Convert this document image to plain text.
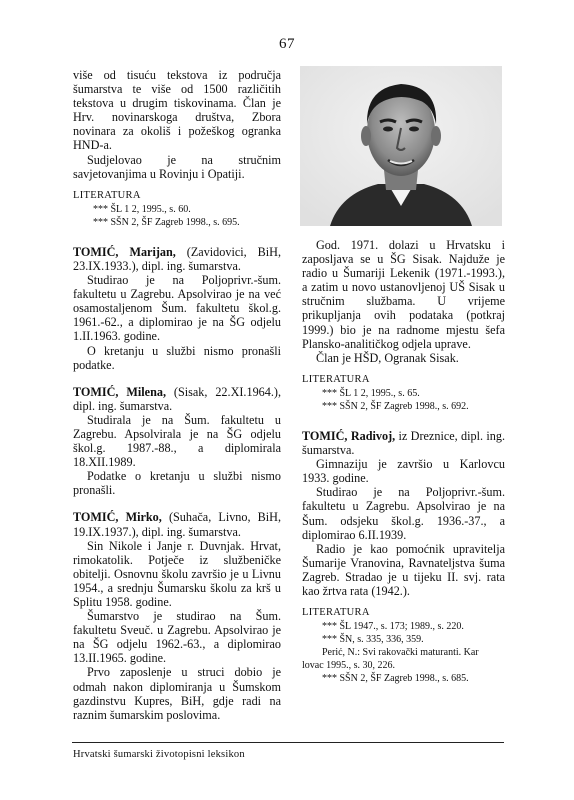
67

više od tisuću tekstova iz područja šumarstva te više od 1500 različitih tekstova u drugim tiskovinama. Član je Hrv. novinarskoga društva, Zbora novinara za okoliš i požeškog ogranka HND-a.

Sudjelovao je na stručnim savjetovanjima u Rovinju i Opatiji.

LITERATURA
*** ŠL 1 2, 1995., s. 60.
*** SŠN 2, ŠF Zagreb 1998., s. 695.

TOMIĆ, Marijan, (Zavidovici, BiH, 23.IX.1933.), dipl. ing. šumarstva.

Studirao je na Poljoprivr.-šum. fakultetu u Zagrebu. Apsolvirao je na već osamostaljenom Šum. fakultetu škol.g. 1961.-62., a diplomirao je na ŠG odjelu 1.II.1963. godine.

O kretanju u službi nismo pronašli podatke.

TOMIĆ, Milena, (Sisak, 22.XI.1964.), dipl. ing. šumarstva.

Studirala je na Šum. fakultetu u Zagrebu. Apsolvirala je na ŠG odjelu škol.g. 1987.-88., a diplomirala 18.XII.1989.

Podatke o kretanju u službi nismo pronašli.

TOMIĆ, Mirko, (Suhača, Livno, BiH, 19.IX.1937.), dipl. ing. šumarstva.

Sin Nikole i Janje r. Duvnjak. Hrvat, rimokatolik. Potječe iz službeničke obitelji. Osnovnu školu završio je u Livnu 1954., a srednju Šumarsku školu za krš u Splitu 1958. godine.

Šumarstvo je studirao na Šum. fakultetu Sveuč. u Zagrebu. Apsolvirao je na ŠG odjelu 1962.-63., a diplomirao 13.II.1965. godine.

Prvo zaposlenje u struci dobio je odmah nakon diplomiranja u Šumskom gazdinstvu Kupres, BiH, gdje radi na raznim šumarskim poslovima.

God. 1971. dolazi u Hrvatsku i zaposljava se u ŠG Sisak. Najduže je radio u Šumariji Lekenik (1971.-1993.), a zatim u novo ustanovljenoj UŠ Sisak u stručnim službama. U vrijeme prikupljanja ovih podataka (potkraj 1999.) bio je na radnome mjestu šefa Plansko-analitičkog odjela uprave.

Član je HŠD, Ogranak Sisak.

LITERATURA
*** ŠL 1 2, 1995., s. 65.
*** SŠN 2, ŠF Zagreb 1998., s. 692.

TOMIĆ, Radivoj, iz Dreznice, dipl. ing. šumarstva.

Gimnaziju je završio u Karlovcu 1933. godine.

Studirao je na Poljoprivr.-šum. fakultetu u Zagrebu. Apsolvirao je na Šum. odsjeku škol.g. 1936.-37., a diplomirao 6.II.1939.

Radio je kao pomoćnik upravitelja Šumarije Vranovina, Ravnateljstva šuma Zagreb. Stradao je u tijeku II. svj. rata kao žrtva rata (1942.).

LITERATURA
*** ŠL 1947., s. 173; 1989., s. 220.
*** ŠN, s. 335, 336, 359.
Perić, N.: Svi rakovački maturanti. Kar
lovac 1995., s. 30, 226.
*** SŠN 2, ŠF Zagreb 1998., s. 685.
Hrvatski šumarski životopisni leksikon
